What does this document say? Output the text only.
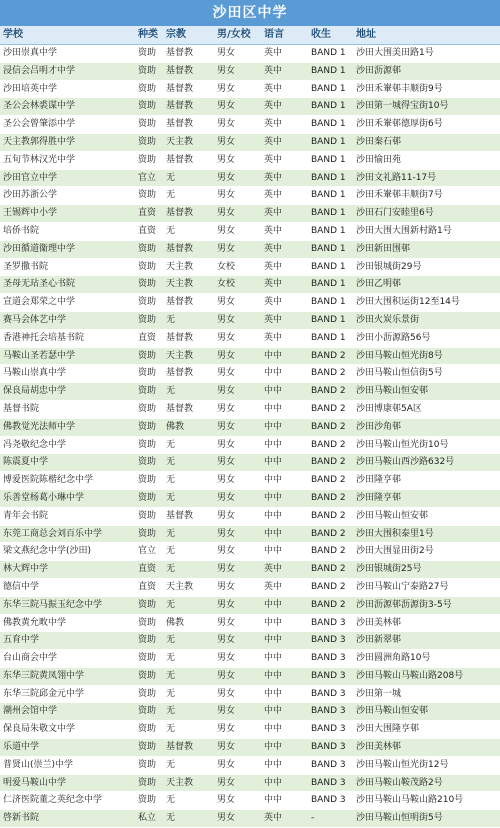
沙田区中学
学校	种类	宗教	男/女校	语言	收生	地址
沙田崇真中学	资助	基督教	男女	英中	BAND 1	沙田大围美田路1号
浸信会吕明才中学	资助	基督教	男女	英中	BAND 1	沙田沥源邨
沙田培英中学	资助	基督教	男女	英中	BAND 1	沙田禾輋邨丰顺街9号
圣公会林裘谋中学	资助	基督教	男女	英中	BAND 1	沙田第一城得宝街10号
圣公会曾肇添中学	资助	基督教	男女	英中	BAND 1	沙田禾輋邨德厚街6号
天主教郭得胜中学	资助	天主教	男女	英中	BAND 1	沙田秦石邨
五旬节林汉光中学	资助	基督教	男女	英中	BAND 1	沙田愉田苑
沙田官立中学	官立	无	男女	英中	BAND 1	沙田文礼路11-17号
沙田苏浙公学	资助	无	男女	英中	BAND 1	沙田禾輋邨丰顺街7号
王锡辉中小学	直资	基督教	男女	英中	BAND 1	沙田石门安睦里6号
培侨书院	直资	无	男女	英中	BAND 1	沙田大围大围新村路1号
沙田循道衞理中学	资助	基督教	男女	英中	BAND 1	沙田新田围邨
圣罗撒书院	资助	天主教	女校	英中	BAND 1	沙田银城街29号
圣母无玷圣心书院	资助	天主教	女校	英中	BAND 1	沙田乙明邨
宣道会郑荣之中学	资助	基督教	男女	英中	BAND 1	沙田大围积运街12至14号
赛马会体艺中学	资助	无	男女	英中	BAND 1	沙田火炭乐景街
香港神托会培基书院	直资	基督教	男女	英中	BAND 1	沙田小沥源路56号
马鞍山圣若瑟中学	资助	天主教	男女	中中	BAND 2	沙田马鞍山恒光街8号
马鞍山崇真中学	资助	基督教	男女	中中	BAND 2	沙田马鞍山恒信街5号
保良局胡忠中学	资助	无	男女	中中	BAND 2	沙田马鞍山恒安邨
基督书院	资助	基督教	男女	中中	BAND 2	沙田博康邨5A区
佛教觉光法师中学	资助	佛教	男女	中中	BAND 2	沙田沙角邨
冯尧敬纪念中学	资助	无	男女	中中	BAND 2	沙田马鞍山恒光街10号
陈震夏中学	资助	无	男女	中中	BAND 2	沙田马鞍山西沙路632号
博爱医院陈楷纪念中学	资助	无	男女	中中	BAND 2	沙田隆亨邨
乐善堂杨葛小琳中学	资助	无	男女	中中	BAND 2	沙田隆亨邨
青年会书院	资助	基督教	男女	中中	BAND 2	沙田马鞍山恒安邨
东莞工商总会刘百乐中学	资助	无	男女	中中	BAND 2	沙田大围积泰里1号
梁文燕纪念中学(沙田)	官立	无	男女	中中	BAND 2	沙田大围显田街2号
林大辉中学	直资	无	男女	英中	BAND 2	沙田银城街25号
德信中学	直资	天主教	男女	英中	BAND 2	沙田马鞍山宁泰路27号
东华三院马振玉纪念中学	资助	无	男女	中中	BAND 2	沙田沥源邨沥源街3-5号
佛教黄允畋中学	资助	佛教	男女	中中	BAND 3	沙田美林邨
五育中学	资助	无	男女	中中	BAND 3	沙田新翠邨
台山商会中学	资助	无	男女	中中	BAND 3	沙田圆洲角路10号
东华三院黄凤翎中学	资助	无	男女	中中	BAND 3	沙田马鞍山马鞍山路208号
东华三院邱金元中学	资助	无	男女	中中	BAND 3	沙田第一城
潮州会馆中学	资助	无	男女	中中	BAND 3	沙田马鞍山恒安邨
保良局朱敬文中学	资助	无	男女	中中	BAND 3	沙田大围隆亨邨
乐道中学	资助	基督教	男女	中中	BAND 3	沙田美林邨
普贤山(崇兰)中学	资助	无	男女	中中	BAND 3	沙田马鞍山恒光街12号
明爱马鞍山中学	资助	天主教	男女	中中	BAND 3	沙田马鞍山鞍茂路2号
仁济医院董之英纪念中学	资助	无	男女	中中	BAND 3	沙田马鞍山马鞍山路210号
啓新书院	私立	无	男女	英中	-	沙田马鞍山恒明街5号
